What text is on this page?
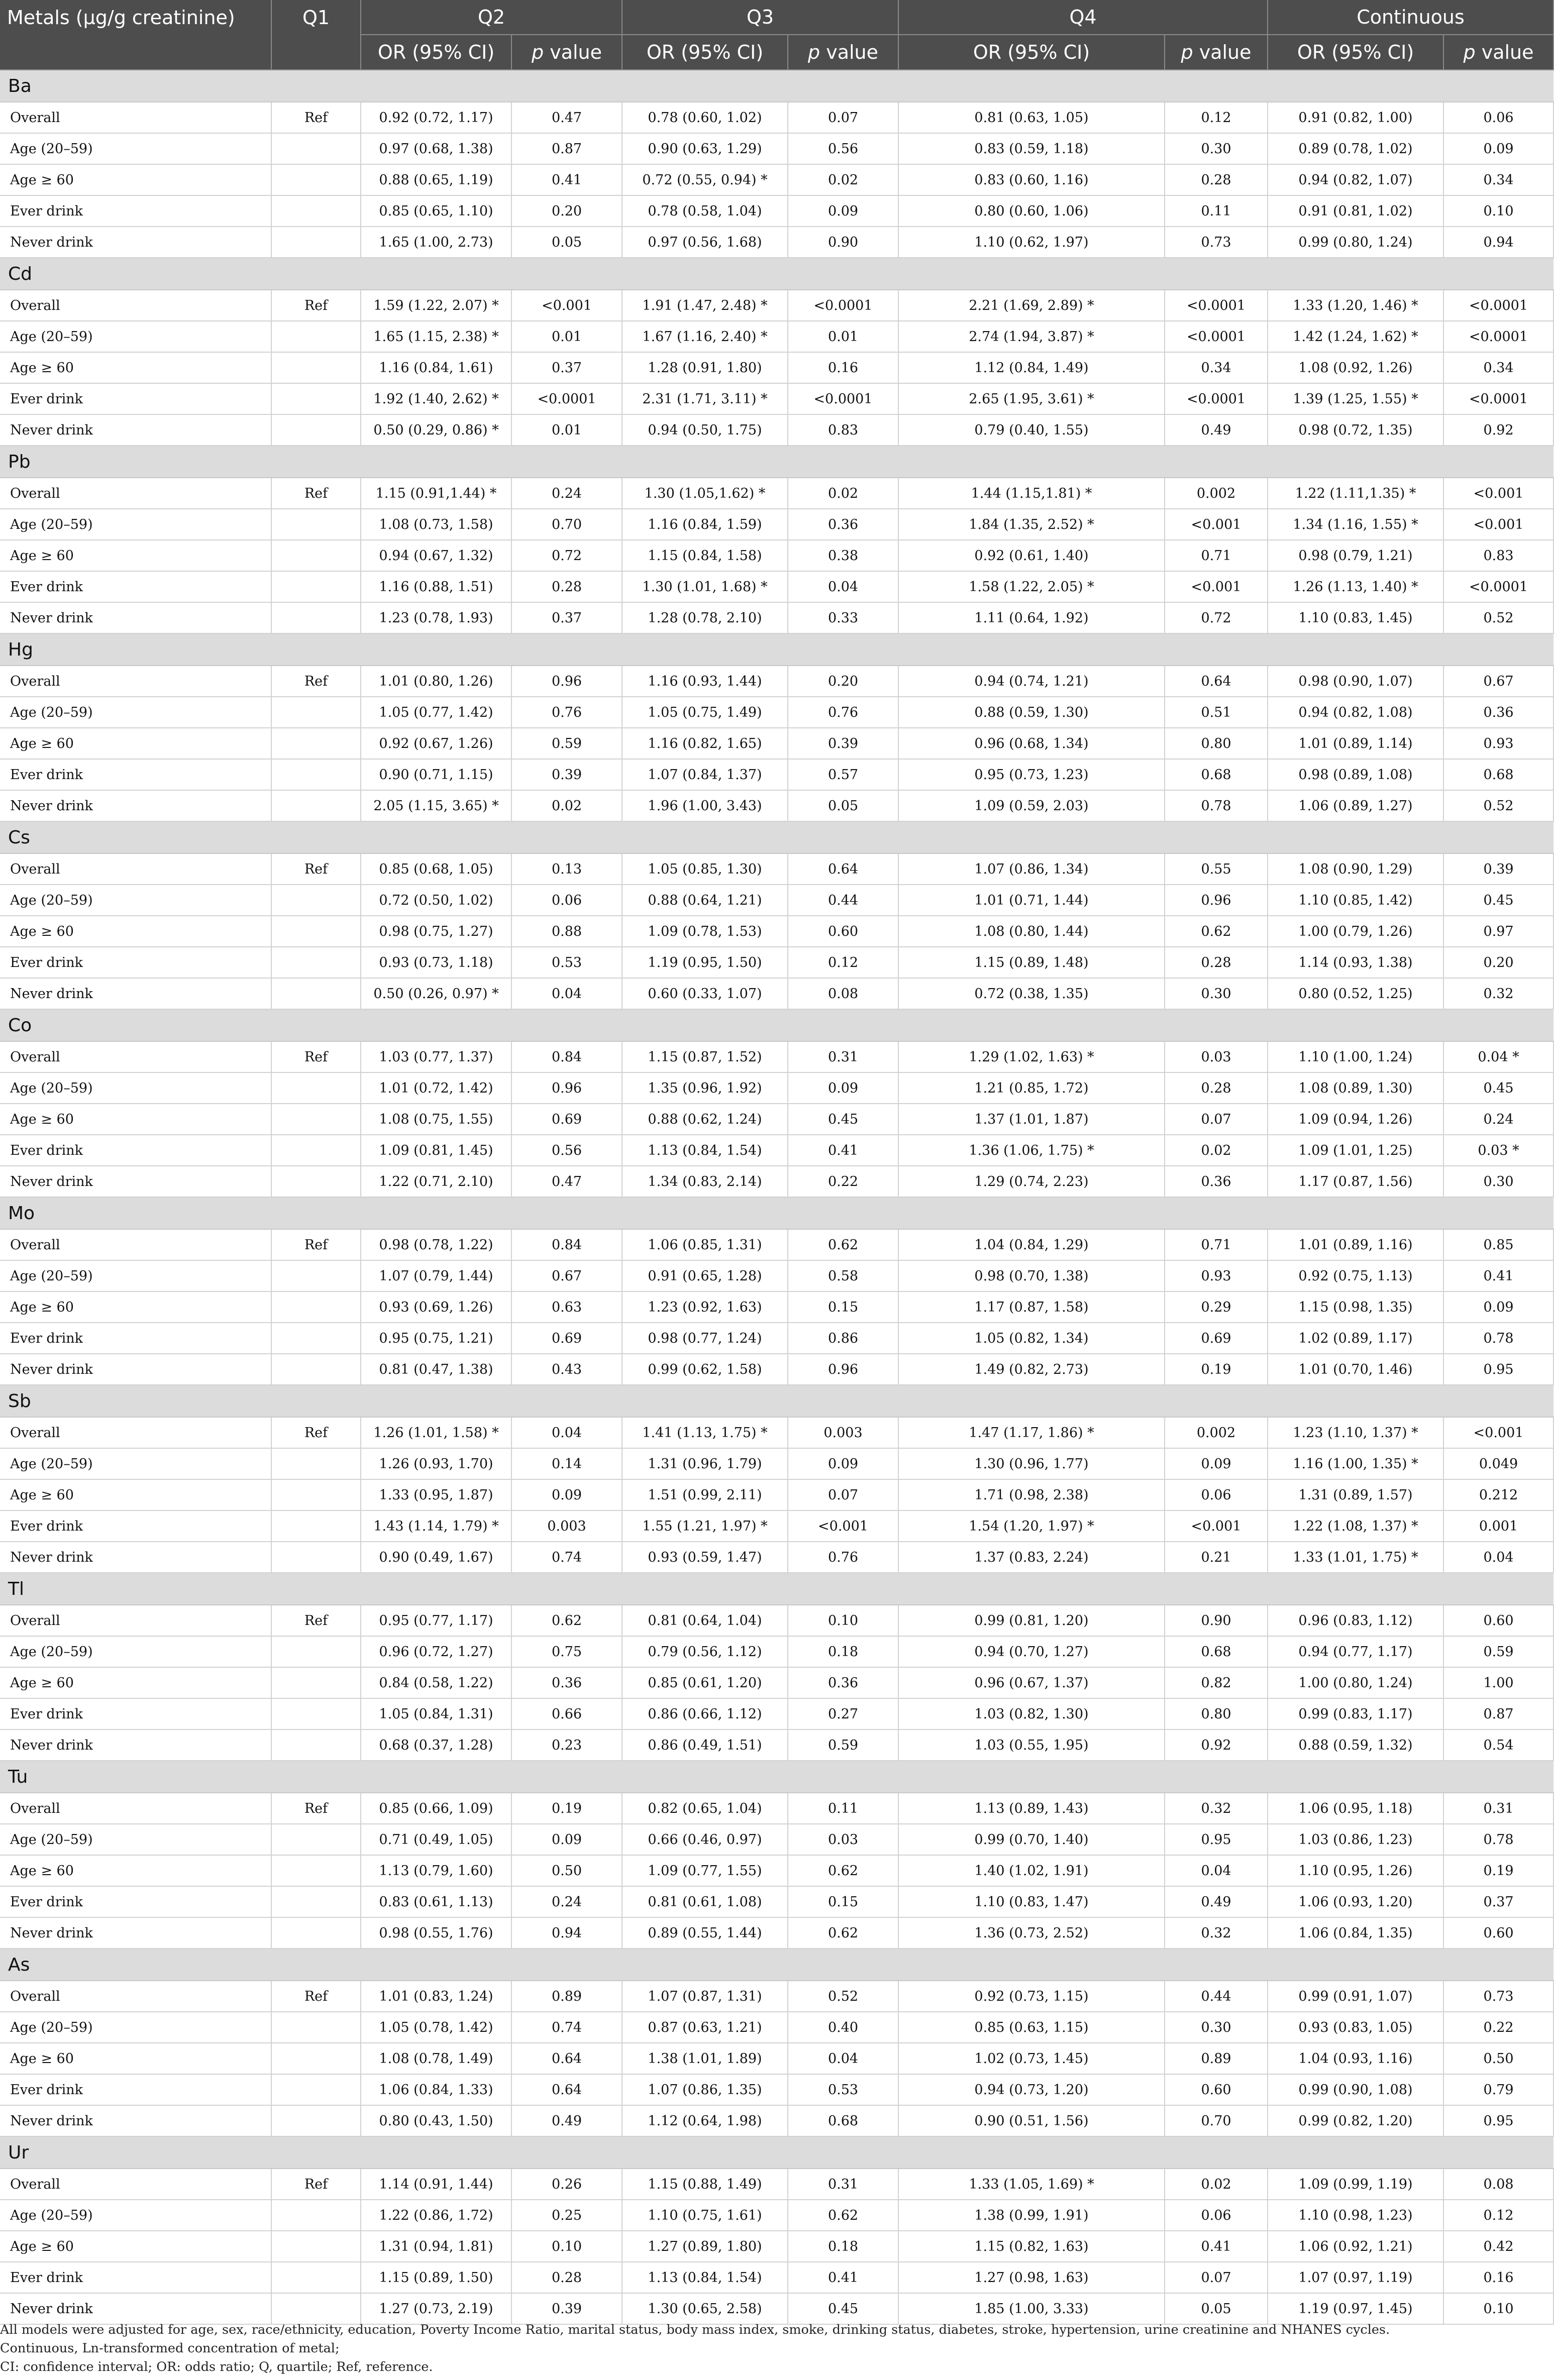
Metals (μg/g creatinine)	Q1	Q2		Q3		Q4		Continuous	
		OR (95% CI)	p value	OR (95% CI)	p value	OR (95% CI)	p value	OR (95% CI)	p value
Ba									
Overall	Ref	0.92 (0.72, 1.17)	0.47	0.78 (0.60, 1.02)	0.07	0.81 (0.63, 1.05)	0.12	0.91 (0.82, 1.00)	0.06
Age (20–59)		0.97 (0.68, 1.38)	0.87	0.90 (0.63, 1.29)	0.56	0.83 (0.59, 1.18)	0.30	0.89 (0.78, 1.02)	0.09
Age ≥ 60		0.88 (0.65, 1.19)	0.41	0.72 (0.55, 0.94) *	0.02	0.83 (0.60, 1.16)	0.28	0.94 (0.82, 1.07)	0.34
Ever drink		0.85 (0.65, 1.10)	0.20	0.78 (0.58, 1.04)	0.09	0.80 (0.60, 1.06)	0.11	0.91 (0.81, 1.02)	0.10
Never drink		1.65 (1.00, 2.73)	0.05	0.97 (0.56, 1.68)	0.90	1.10 (0.62, 1.97)	0.73	0.99 (0.80, 1.24)	0.94
Cd									
Overall	Ref	1.59 (1.22, 2.07) *	<0.001	1.91 (1.47, 2.48) *	<0.0001	2.21 (1.69, 2.89) *	<0.0001	1.33 (1.20, 1.46) *	<0.0001
Age (20–59)		1.65 (1.15, 2.38) *	0.01	1.67 (1.16, 2.40) *	0.01	2.74 (1.94, 3.87) *	<0.0001	1.42 (1.24, 1.62) *	<0.0001
Age ≥ 60		1.16 (0.84, 1.61)	0.37	1.28 (0.91, 1.80)	0.16	1.12 (0.84, 1.49)	0.34	1.08 (0.92, 1.26)	0.34
Ever drink		1.92 (1.40, 2.62) *	<0.0001	2.31 (1.71, 3.11) *	<0.0001	2.65 (1.95, 3.61) *	<0.0001	1.39 (1.25, 1.55) *	<0.0001
Never drink		0.50 (0.29, 0.86) *	0.01	0.94 (0.50, 1.75)	0.83	0.79 (0.40, 1.55)	0.49	0.98 (0.72, 1.35)	0.92
Pb									
Overall	Ref	1.15 (0.91,1.44) *	0.24	1.30 (1.05,1.62) *	0.02	1.44 (1.15,1.81) *	0.002	1.22 (1.11,1.35) *	<0.001
Age (20–59)		1.08 (0.73, 1.58)	0.70	1.16 (0.84, 1.59)	0.36	1.84 (1.35, 2.52) *	<0.001	1.34 (1.16, 1.55) *	<0.001
Age ≥ 60		0.94 (0.67, 1.32)	0.72	1.15 (0.84, 1.58)	0.38	0.92 (0.61, 1.40)	0.71	0.98 (0.79, 1.21)	0.83
Ever drink		1.16 (0.88, 1.51)	0.28	1.30 (1.01, 1.68) *	0.04	1.58 (1.22, 2.05) *	<0.001	1.26 (1.13, 1.40) *	<0.0001
Never drink		1.23 (0.78, 1.93)	0.37	1.28 (0.78, 2.10)	0.33	1.11 (0.64, 1.92)	0.72	1.10 (0.83, 1.45)	0.52
Hg									
Overall	Ref	1.01 (0.80, 1.26)	0.96	1.16 (0.93, 1.44)	0.20	0.94 (0.74, 1.21)	0.64	0.98 (0.90, 1.07)	0.67
Age (20–59)		1.05 (0.77, 1.42)	0.76	1.05 (0.75, 1.49)	0.76	0.88 (0.59, 1.30)	0.51	0.94 (0.82, 1.08)	0.36
Age ≥ 60		0.92 (0.67, 1.26)	0.59	1.16 (0.82, 1.65)	0.39	0.96 (0.68, 1.34)	0.80	1.01 (0.89, 1.14)	0.93
Ever drink		0.90 (0.71, 1.15)	0.39	1.07 (0.84, 1.37)	0.57	0.95 (0.73, 1.23)	0.68	0.98 (0.89, 1.08)	0.68
Never drink		2.05 (1.15, 3.65) *	0.02	1.96 (1.00, 3.43)	0.05	1.09 (0.59, 2.03)	0.78	1.06 (0.89, 1.27)	0.52
Cs									
Overall	Ref	0.85 (0.68, 1.05)	0.13	1.05 (0.85, 1.30)	0.64	1.07 (0.86, 1.34)	0.55	1.08 (0.90, 1.29)	0.39
Age (20–59)		0.72 (0.50, 1.02)	0.06	0.88 (0.64, 1.21)	0.44	1.01 (0.71, 1.44)	0.96	1.10 (0.85, 1.42)	0.45
Age ≥ 60		0.98 (0.75, 1.27)	0.88	1.09 (0.78, 1.53)	0.60	1.08 (0.80, 1.44)	0.62	1.00 (0.79, 1.26)	0.97
Ever drink		0.93 (0.73, 1.18)	0.53	1.19 (0.95, 1.50)	0.12	1.15 (0.89, 1.48)	0.28	1.14 (0.93, 1.38)	0.20
Never drink		0.50 (0.26, 0.97) *	0.04	0.60 (0.33, 1.07)	0.08	0.72 (0.38, 1.35)	0.30	0.80 (0.52, 1.25)	0.32
Co									
Overall	Ref	1.03 (0.77, 1.37)	0.84	1.15 (0.87, 1.52)	0.31	1.29 (1.02, 1.63) *	0.03	1.10 (1.00, 1.24)	0.04 *
Age (20–59)		1.01 (0.72, 1.42)	0.96	1.35 (0.96, 1.92)	0.09	1.21 (0.85, 1.72)	0.28	1.08 (0.89, 1.30)	0.45
Age ≥ 60		1.08 (0.75, 1.55)	0.69	0.88 (0.62, 1.24)	0.45	1.37 (1.01, 1.87)	0.07	1.09 (0.94, 1.26)	0.24
Ever drink		1.09 (0.81, 1.45)	0.56	1.13 (0.84, 1.54)	0.41	1.36 (1.06, 1.75) *	0.02	1.09 (1.01, 1.25)	0.03 *
Never drink		1.22 (0.71, 2.10)	0.47	1.34 (0.83, 2.14)	0.22	1.29 (0.74, 2.23)	0.36	1.17 (0.87, 1.56)	0.30
Mo									
Overall	Ref	0.98 (0.78, 1.22)	0.84	1.06 (0.85, 1.31)	0.62	1.04 (0.84, 1.29)	0.71	1.01 (0.89, 1.16)	0.85
Age (20–59)		1.07 (0.79, 1.44)	0.67	0.91 (0.65, 1.28)	0.58	0.98 (0.70, 1.38)	0.93	0.92 (0.75, 1.13)	0.41
Age ≥ 60		0.93 (0.69, 1.26)	0.63	1.23 (0.92, 1.63)	0.15	1.17 (0.87, 1.58)	0.29	1.15 (0.98, 1.35)	0.09
Ever drink		0.95 (0.75, 1.21)	0.69	0.98 (0.77, 1.24)	0.86	1.05 (0.82, 1.34)	0.69	1.02 (0.89, 1.17)	0.78
Never drink		0.81 (0.47, 1.38)	0.43	0.99 (0.62, 1.58)	0.96	1.49 (0.82, 2.73)	0.19	1.01 (0.70, 1.46)	0.95
Sb									
Overall	Ref	1.26 (1.01, 1.58) *	0.04	1.41 (1.13, 1.75) *	0.003	1.47 (1.17, 1.86) *	0.002	1.23 (1.10, 1.37) *	<0.001
Age (20–59)		1.26 (0.93, 1.70)	0.14	1.31 (0.96, 1.79)	0.09	1.30 (0.96, 1.77)	0.09	1.16 (1.00, 1.35) *	0.049
Age ≥ 60		1.33 (0.95, 1.87)	0.09	1.51 (0.99, 2.11)	0.07	1.71 (0.98, 2.38)	0.06	1.31 (0.89, 1.57)	0.212
Ever drink		1.43 (1.14, 1.79) *	0.003	1.55 (1.21, 1.97) *	<0.001	1.54 (1.20, 1.97) *	<0.001	1.22 (1.08, 1.37) *	0.001
Never drink		0.90 (0.49, 1.67)	0.74	0.93 (0.59, 1.47)	0.76	1.37 (0.83, 2.24)	0.21	1.33 (1.01, 1.75) *	0.04
Tl									
Overall	Ref	0.95 (0.77, 1.17)	0.62	0.81 (0.64, 1.04)	0.10	0.99 (0.81, 1.20)	0.90	0.96 (0.83, 1.12)	0.60
Age (20–59)		0.96 (0.72, 1.27)	0.75	0.79 (0.56, 1.12)	0.18	0.94 (0.70, 1.27)	0.68	0.94 (0.77, 1.17)	0.59
Age ≥ 60		0.84 (0.58, 1.22)	0.36	0.85 (0.61, 1.20)	0.36	0.96 (0.67, 1.37)	0.82	1.00 (0.80, 1.24)	1.00
Ever drink		1.05 (0.84, 1.31)	0.66	0.86 (0.66, 1.12)	0.27	1.03 (0.82, 1.30)	0.80	0.99 (0.83, 1.17)	0.87
Never drink		0.68 (0.37, 1.28)	0.23	0.86 (0.49, 1.51)	0.59	1.03 (0.55, 1.95)	0.92	0.88 (0.59, 1.32)	0.54
Tu									
Overall	Ref	0.85 (0.66, 1.09)	0.19	0.82 (0.65, 1.04)	0.11	1.13 (0.89, 1.43)	0.32	1.06 (0.95, 1.18)	0.31
Age (20–59)		0.71 (0.49, 1.05)	0.09	0.66 (0.46, 0.97)	0.03	0.99 (0.70, 1.40)	0.95	1.03 (0.86, 1.23)	0.78
Age ≥ 60		1.13 (0.79, 1.60)	0.50	1.09 (0.77, 1.55)	0.62	1.40 (1.02, 1.91)	0.04	1.10 (0.95, 1.26)	0.19
Ever drink		0.83 (0.61, 1.13)	0.24	0.81 (0.61, 1.08)	0.15	1.10 (0.83, 1.47)	0.49	1.06 (0.93, 1.20)	0.37
Never drink		0.98 (0.55, 1.76)	0.94	0.89 (0.55, 1.44)	0.62	1.36 (0.73, 2.52)	0.32	1.06 (0.84, 1.35)	0.60
As									
Overall	Ref	1.01 (0.83, 1.24)	0.89	1.07 (0.87, 1.31)	0.52	0.92 (0.73, 1.15)	0.44	0.99 (0.91, 1.07)	0.73
Age (20–59)		1.05 (0.78, 1.42)	0.74	0.87 (0.63, 1.21)	0.40	0.85 (0.63, 1.15)	0.30	0.93 (0.83, 1.05)	0.22
Age ≥ 60		1.08 (0.78, 1.49)	0.64	1.38 (1.01, 1.89)	0.04	1.02 (0.73, 1.45)	0.89	1.04 (0.93, 1.16)	0.50
Ever drink		1.06 (0.84, 1.33)	0.64	1.07 (0.86, 1.35)	0.53	0.94 (0.73, 1.20)	0.60	0.99 (0.90, 1.08)	0.79
Never drink		0.80 (0.43, 1.50)	0.49	1.12 (0.64, 1.98)	0.68	0.90 (0.51, 1.56)	0.70	0.99 (0.82, 1.20)	0.95
Ur									
Overall	Ref	1.14 (0.91, 1.44)	0.26	1.15 (0.88, 1.49)	0.31	1.33 (1.05, 1.69) *	0.02	1.09 (0.99, 1.19)	0.08
Age (20–59)		1.22 (0.86, 1.72)	0.25	1.10 (0.75, 1.61)	0.62	1.38 (0.99, 1.91)	0.06	1.10 (0.98, 1.23)	0.12
Age ≥ 60		1.31 (0.94, 1.81)	0.10	1.27 (0.89, 1.80)	0.18	1.15 (0.82, 1.63)	0.41	1.06 (0.92, 1.21)	0.42
Ever drink		1.15 (0.89, 1.50)	0.28	1.13 (0.84, 1.54)	0.41	1.27 (0.98, 1.63)	0.07	1.07 (0.97, 1.19)	0.16
Never drink		1.27 (0.73, 2.19)	0.39	1.30 (0.65, 2.58)	0.45	1.85 (1.00, 3.33)	0.05	1.19 (0.97, 1.45)	0.10
All models were adjusted for age, sex, race/ethnicity, education, Poverty Income Ratio, marital status, body mass index, smoke, drinking status, diabetes, stroke, hypertension, urine creatinine and NHANES cycles. Continuous, Ln-transformed concentration of metal;
CI: confidence interval; OR: odds ratio; Q, quartile; Ref, reference.
